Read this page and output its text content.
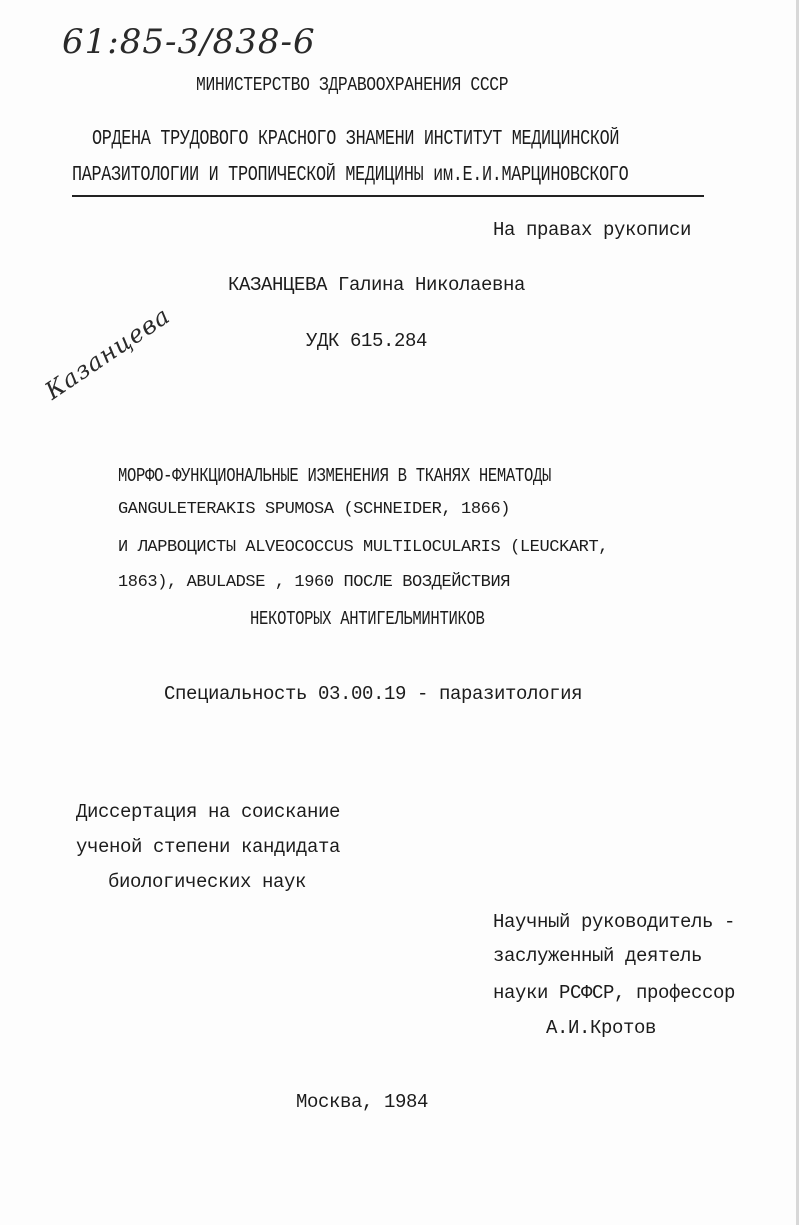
61:85-3/838-6
МИНИСТЕРСТВО ЗДРАВООХРАНЕНИЯ СССР
ОРДЕНА ТРУДОВОГО КРАСНОГО ЗНАМЕНИ ИНСТИТУТ МЕДИЦИНСКОЙ
ПАРАЗИТОЛОГИИ И ТРОПИЧЕСКОЙ МЕДИЦИНЫ им.Е.И.МАРЦИНОВСКОГО
На правах рукописи
КАЗАНЦЕВА Галина Николаевна
Казанцева	УДК 615.284
МОРФО-ФУНКЦИОНАЛЬНЫЕ ИЗМЕНЕНИЯ В ТКАНЯХ НЕМАТОДЫ
GANGULETERAKIS SPUMOSA (SCHNEIDER, 1866)
И ЛАРВОЦИСТЫ ALVEOCOCCUS MULTILOCULARIS (LEUCKART,
1863), ABULADSE , 1960 ПОСЛЕ ВОЗДЕЙСТВИЯ
НЕКОТОРЫХ АНТИГЕЛЬМИНТИКОВ
Специальность 03.00.19 - паразитология
Диссертация на соискание
ученой степени кандидата
биологических наук
Научный руководитель -
заслуженный деятель
науки РСФСР, профессор
А.И.Кротов
Москва, 1984
